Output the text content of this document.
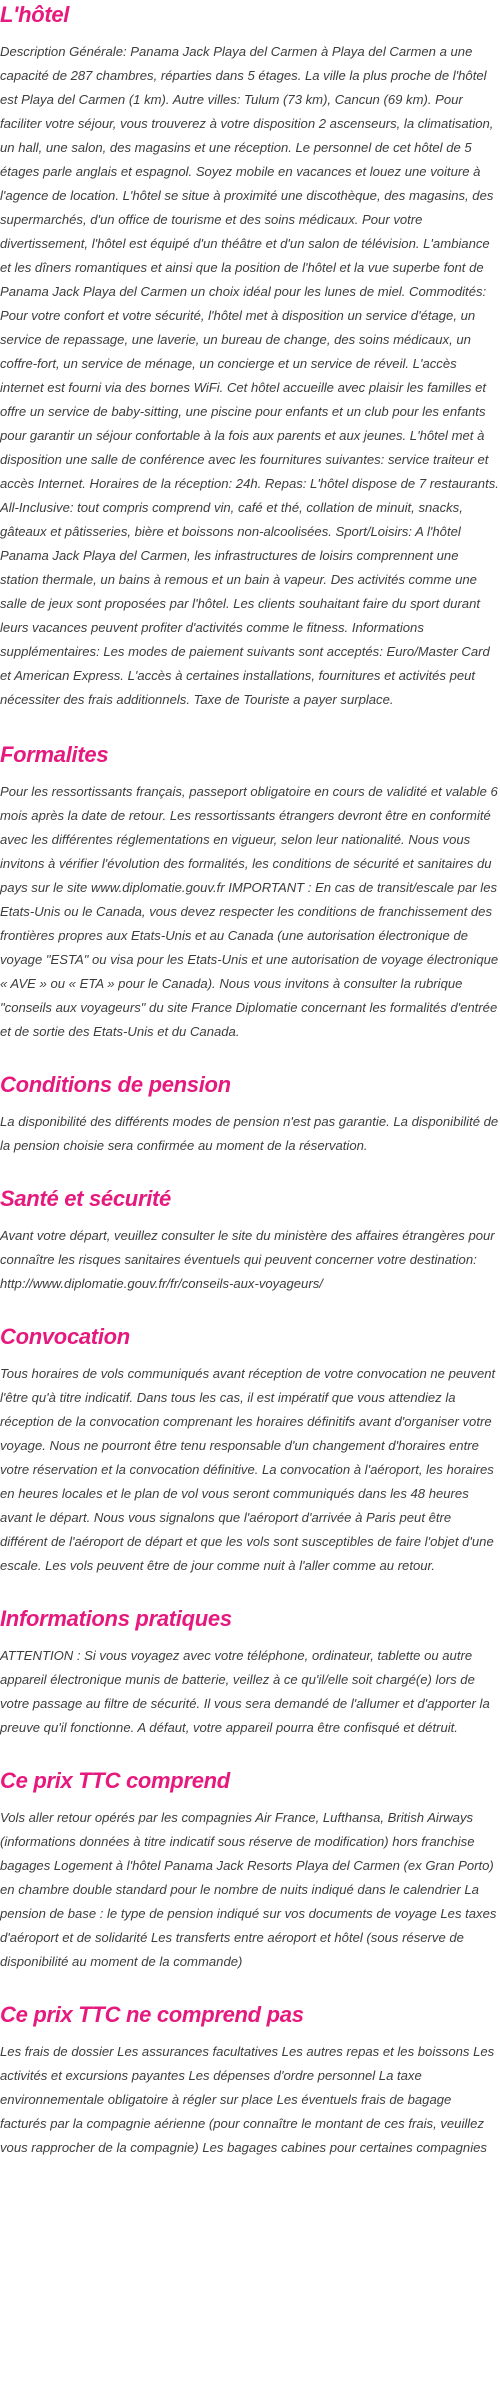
L'hôtel

Description Générale: Panama Jack Playa del Carmen à Playa del Carmen a une capacité de 287 chambres, réparties dans 5 étages. La ville la plus proche de l'hôtel est Playa del Carmen (1 km). Autre villes: Tulum (73 km), Cancun (69 km). Pour faciliter votre séjour, vous trouverez à votre disposition 2 ascenseurs, la climatisation, un hall, une salon, des magasins et une réception. Le personnel de cet hôtel de 5 étages parle anglais et espagnol. Soyez mobile en vacances et louez une voiture à l'agence de location. L'hôtel se situe à proximité une discothèque, des magasins, des supermarchés, d'un office de tourisme et des soins médicaux. Pour votre divertissement, l'hôtel est équipé d'un théâtre et d'un salon de télévision. L'ambiance et les dîners romantiques et ainsi que la position de l'hôtel et la vue superbe font de Panama Jack Playa del Carmen un choix idéal pour les lunes de miel. Commodités: Pour votre confort et votre sécurité, l'hôtel met à disposition un service d'étage, un service de repassage, une laverie, un bureau de change, des soins médicaux, un coffre-fort, un service de ménage, un concierge et un service de réveil. L'accès internet est fourni via des bornes WiFi. Cet hôtel accueille avec plaisir les familles et offre un service de baby-sitting, une piscine pour enfants et un club pour les enfants pour garantir un séjour confortable à la fois aux parents et aux jeunes. L'hôtel met à disposition une salle de conférence avec les fournitures suivantes: service traiteur et accès Internet. Horaires de la réception: 24h. Repas: L'hôtel dispose de 7 restaurants. All-Inclusive: tout compris comprend vin, café et thé, collation de minuit, snacks, gâteaux et pâtisseries, bière et boissons non-alcoolisées. Sport/Loisirs: A l'hôtel Panama Jack Playa del Carmen, les infrastructures de loisirs comprennent une station thermale, un bains à remous et un bain à vapeur. Des activités comme une salle de jeux sont proposées par l'hôtel. Les clients souhaitant faire du sport durant leurs vacances peuvent profiter d'activités comme le fitness. Informations supplémentaires: Les modes de paiement suivants sont acceptés: Euro/Master Card et American Express. L'accès à certaines installations, fournitures et activités peut nécessiter des frais additionnels. Taxe de Touriste a payer surplace.

Formalites

Pour les ressortissants français, passeport obligatoire en cours de validité et valable 6 mois après la date de retour. Les ressortissants étrangers devront être en conformité avec les différentes réglementations en vigueur, selon leur nationalité. Nous vous invitons à vérifier l'évolution des formalités, les conditions de sécurité et sanitaires du pays sur le site www.diplomatie.gouv.fr IMPORTANT : En cas de transit/escale par les Etats-Unis ou le Canada, vous devez respecter les conditions de franchissement des frontières propres aux Etats-Unis et au Canada (une autorisation électronique de voyage "ESTA" ou visa pour les Etats-Unis et une autorisation de voyage électronique « AVE » ou « ETA » pour le Canada). Nous vous invitons à consulter la rubrique "conseils aux voyageurs" du site France Diplomatie concernant les formalités d'entrée et de sortie des Etats-Unis et du Canada.

Conditions de pension

La disponibilité des différents modes de pension n'est pas garantie. La disponibilité de la pension choisie sera confirmée au moment de la réservation.

Santé et sécurité

Avant votre départ, veuillez consulter le site du ministère des affaires étrangères pour connaître les risques sanitaires éventuels qui peuvent concerner votre destination: http://www.diplomatie.gouv.fr/fr/conseils-aux-voyageurs/

Convocation

Tous horaires de vols communiqués avant réception de votre convocation ne peuvent l'être qu'à titre indicatif. Dans tous les cas, il est impératif que vous attendiez la réception de la convocation comprenant les horaires définitifs avant d'organiser votre voyage. Nous ne pourront être tenu responsable d'un changement d'horaires entre votre réservation et la convocation définitive. La convocation à l'aéroport, les horaires en heures locales et le plan de vol vous seront communiqués dans les 48 heures avant le départ. Nous vous signalons que l'aéroport d'arrivée à Paris peut être différent de l'aéroport de départ et que les vols sont susceptibles de faire l'objet d'une escale. Les vols peuvent être de jour comme nuit à l'aller comme au retour.

Informations pratiques

ATTENTION : Si vous voyagez avec votre téléphone, ordinateur, tablette ou autre appareil électronique munis de batterie, veillez à ce qu'il/elle soit chargé(e) lors de votre passage au filtre de sécurité. Il vous sera demandé de l'allumer et d'apporter la preuve qu'il fonctionne. A défaut, votre appareil pourra être confisqué et détruit.

Ce prix TTC comprend

Vols aller retour opérés par les compagnies Air France, Lufthansa, British Airways (informations données à titre indicatif sous réserve de modification) hors franchise bagages Logement à l'hôtel Panama Jack Resorts Playa del Carmen (ex Gran Porto) en chambre double standard pour le nombre de nuits indiqué dans le calendrier La pension de base : le type de pension indiqué sur vos documents de voyage Les taxes d'aéroport et de solidarité Les transferts entre aéroport et hôtel (sous réserve de disponibilité au moment de la commande)

Ce prix TTC ne comprend pas

Les frais de dossier Les assurances facultatives Les autres repas et les boissons Les activités et excursions payantes Les dépenses d'ordre personnel La taxe environnementale obligatoire à régler sur place Les éventuels frais de bagage facturés par la compagnie aérienne (pour connaître le montant de ces frais, veuillez vous rapprocher de la compagnie) Les bagages cabines pour certaines compagnies
